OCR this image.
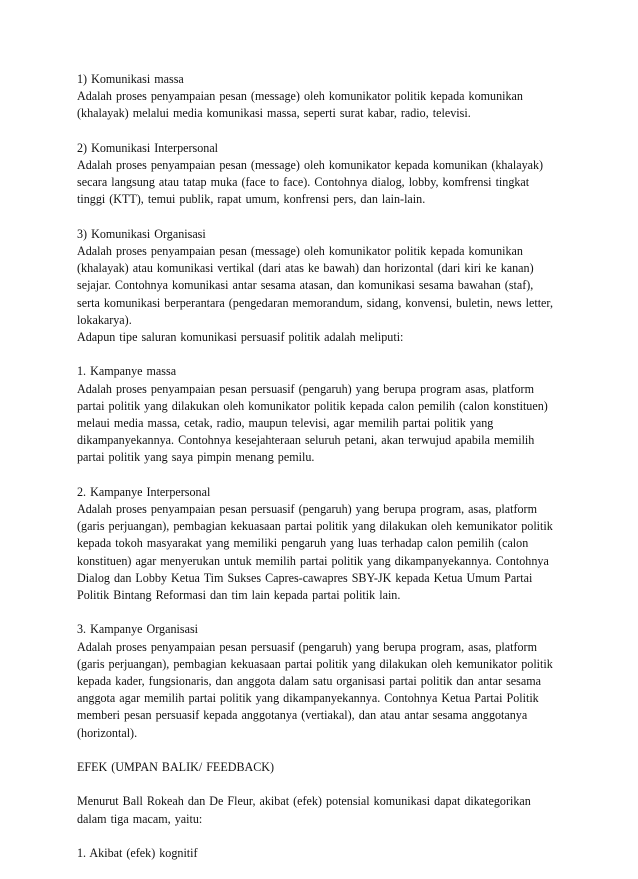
1) Komunikasi massa
Adalah proses penyampaian pesan (message) oleh komunikator politik kepada komunikan
(khalayak) melalui media komunikasi massa, seperti surat kabar, radio, televisi.
2) Komunikasi Interpersonal
Adalah proses penyampaian pesan (message) oleh komunikator kepada komunikan (khalayak)
secara langsung atau tatap muka (face to face). Contohnya dialog, lobby, komfrensi tingkat
tinggi (KTT), temui publik, rapat umum, konfrensi pers, dan lain-lain.
3) Komunikasi Organisasi
Adalah proses penyampaian pesan (message) oleh komunikator politik kepada komunikan
(khalayak) atau komunikasi vertikal (dari atas ke bawah) dan horizontal (dari kiri ke kanan)
sejajar. Contohnya komunikasi antar sesama atasan, dan komunikasi sesama bawahan (staf),
serta komunikasi berperantara (pengedaran memorandum, sidang, konvensi, buletin, news letter,
lokakarya).
Adapun tipe saluran komunikasi persuasif politik adalah meliputi:
1. Kampanye massa
Adalah proses penyampaian pesan persuasif (pengaruh) yang berupa program asas, platform
partai politik yang dilakukan oleh komunikator politik kepada calon pemilih (calon konstituen)
melaui media massa, cetak, radio, maupun televisi, agar memilih partai politik yang
dikampanyekannya. Contohnya kesejahteraan seluruh petani, akan terwujud apabila memilih
partai politik yang saya pimpin menang pemilu.
2. Kampanye Interpersonal
Adalah proses penyampaian pesan persuasif (pengaruh) yang berupa program, asas, platform
(garis perjuangan), pembagian kekuasaan partai politik yang dilakukan oleh kemunikator politik
kepada tokoh masyarakat yang memiliki pengaruh yang luas terhadap calon pemilih (calon
konstituen) agar menyerukan untuk memilih partai politik yang dikampanyekannya. Contohnya
Dialog dan Lobby Ketua Tim Sukses Capres-cawapres SBY-JK kepada Ketua Umum Partai
Politik Bintang Reformasi dan tim lain kepada partai politik lain.
3. Kampanye Organisasi
Adalah proses penyampaian pesan persuasif (pengaruh) yang berupa program, asas, platform
(garis perjuangan), pembagian kekuasaan partai politik yang dilakukan oleh kemunikator politik
kepada kader, fungsionaris, dan anggota dalam satu organisasi partai politik dan antar sesama
anggota agar memilih partai politik yang dikampanyekannya. Contohnya Ketua Partai Politik
memberi pesan persuasif kepada anggotanya (vertiakal), dan atau antar sesama anggotanya
(horizontal).
EFEK (UMPAN BALIK/ FEEDBACK)
Menurut Ball Rokeah dan De Fleur, akibat (efek) potensial komunikasi dapat dikategorikan
dalam tiga macam, yaitu:
1. Akibat (efek) kognitif
